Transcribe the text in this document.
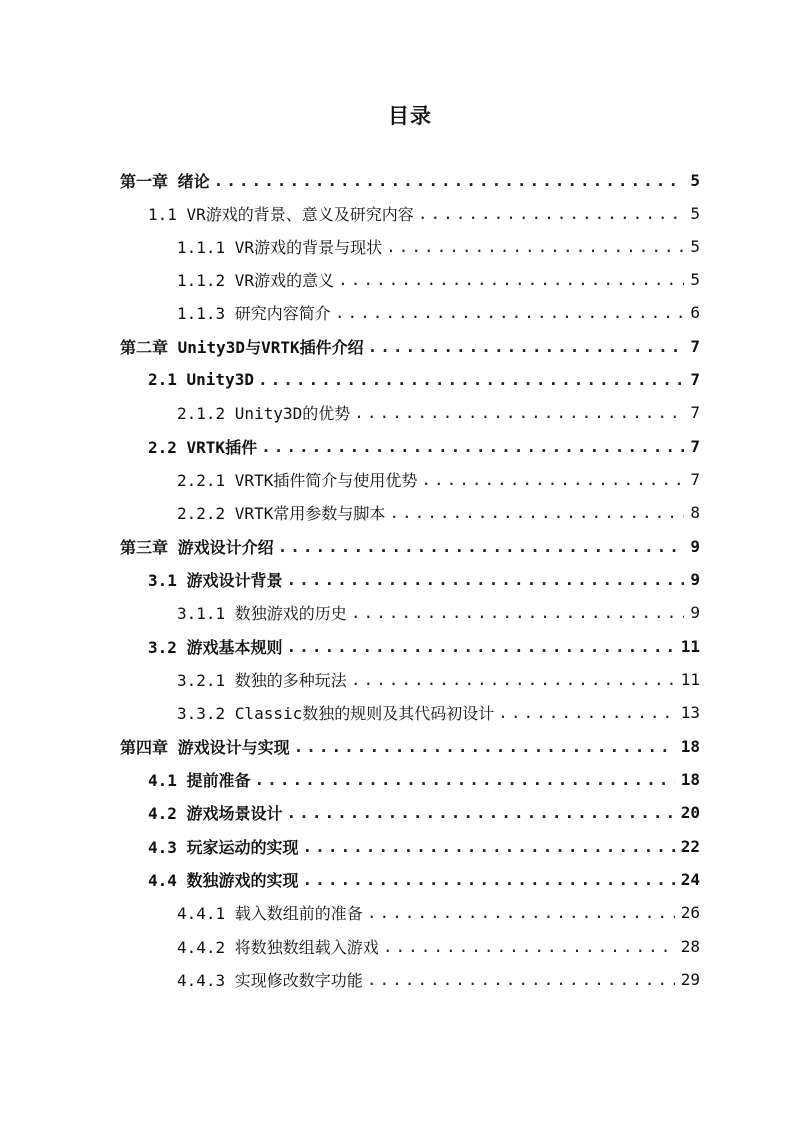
目录
第一章 绪论 .....	5
1.1 VR游戏的背景、意义及研究内容 .....	5
1.1.1 VR游戏的背景与现状 .....	5
1.1.2 VR游戏的意义 .....	5
1.1.3 研究内容简介 .....	6
第二章 Unity3D与VRTK插件介绍 .....	7
2.1 Unity3D .....	7
2.1.2 Unity3D的优势 .....	7
2.2 VRTK插件 .....	7
2.2.1 VRTK插件简介与使用优势 .....	7
2.2.2 VRTK常用参数与脚本 .....	8
第三章 游戏设计介绍 .....	9
3.1 游戏设计背景 .....	9
3.1.1 数独游戏的历史 .....	9
3.2 游戏基本规则 .....	11
3.2.1 数独的多种玩法 .....	11
3.3.2 Classic数独的规则及其代码初设计 .....	13
第四章 游戏设计与实现 .....	18
4.1 提前准备 .....	18
4.2 游戏场景设计 .....	20
4.3 玩家运动的实现 .....	22
4.4 数独游戏的实现 .....	24
4.4.1 载入数组前的准备 .....	26
4.4.2 将数独数组载入游戏 .....	28
4.4.3 实现修改数字功能 .....	29
